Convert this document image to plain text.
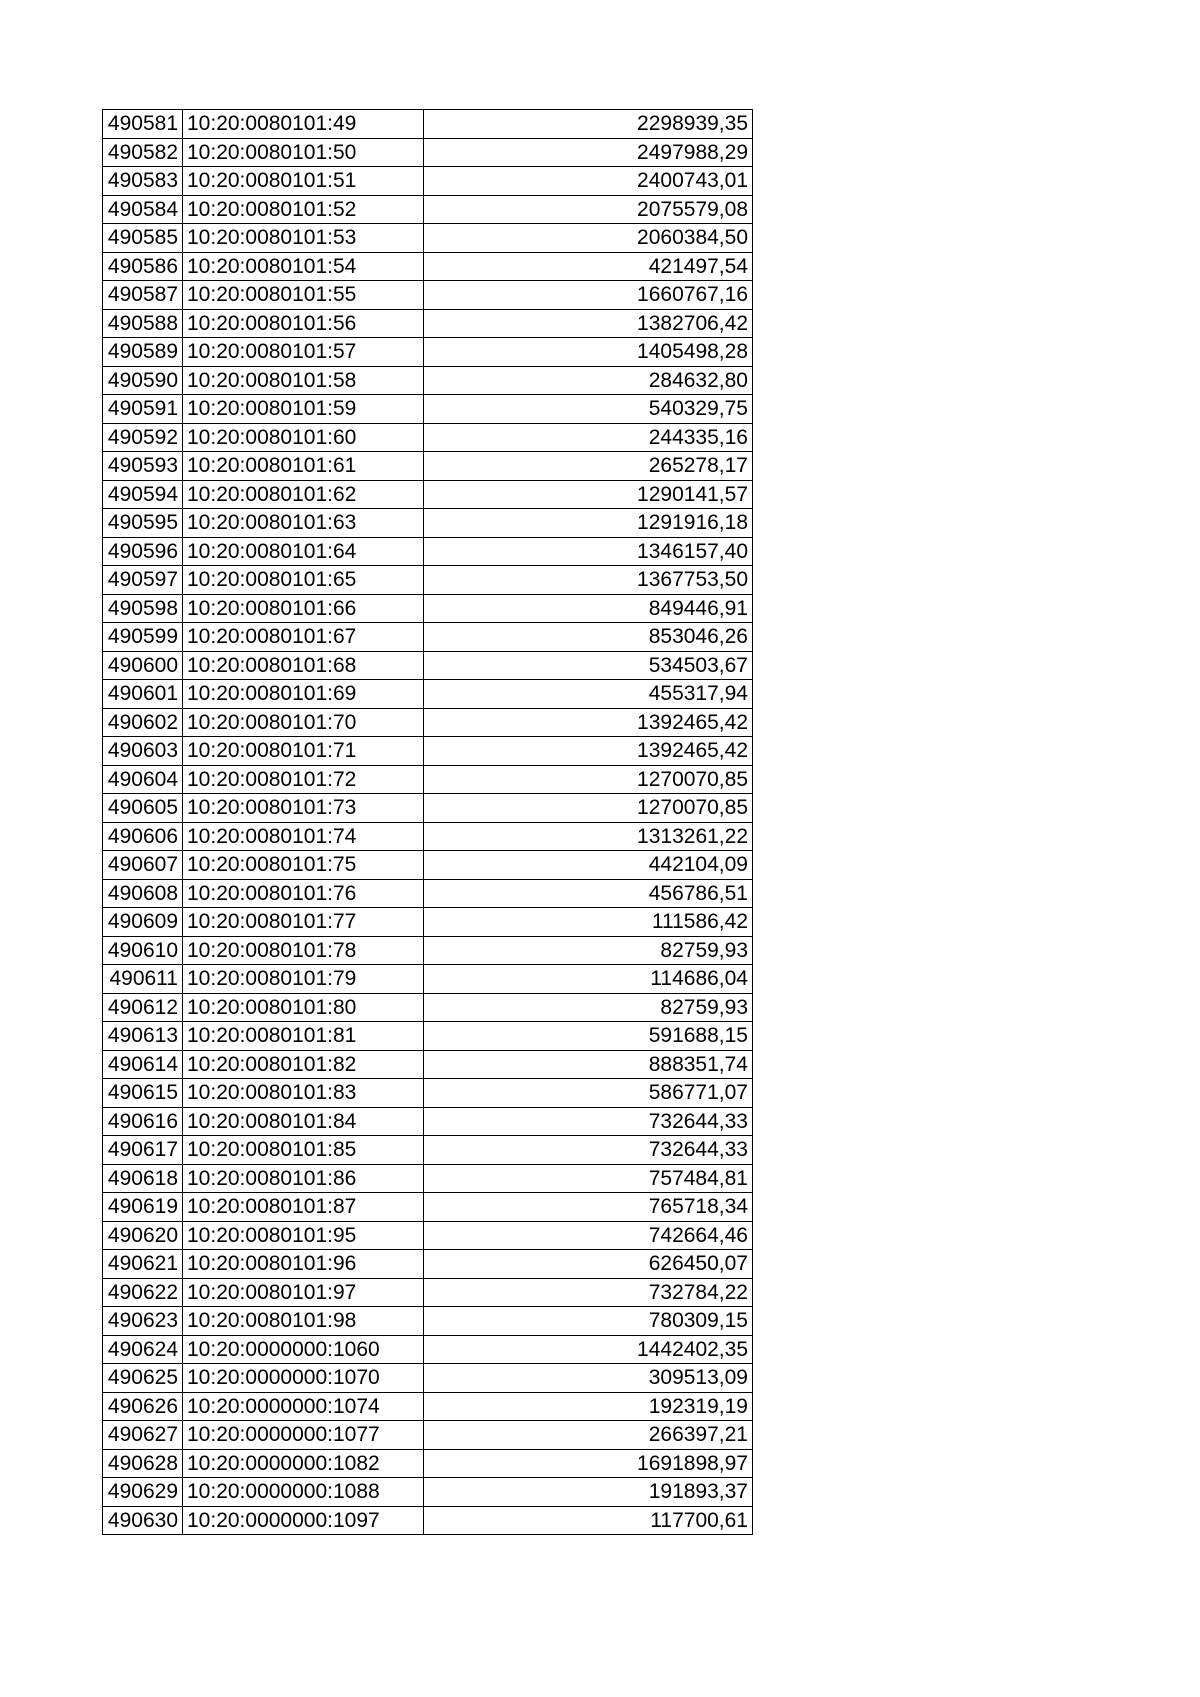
490581	10:20:0080101:49	2298939,35
490582	10:20:0080101:50	2497988,29
490583	10:20:0080101:51	2400743,01
490584	10:20:0080101:52	2075579,08
490585	10:20:0080101:53	2060384,50
490586	10:20:0080101:54	421497,54
490587	10:20:0080101:55	1660767,16
490588	10:20:0080101:56	1382706,42
490589	10:20:0080101:57	1405498,28
490590	10:20:0080101:58	284632,80
490591	10:20:0080101:59	540329,75
490592	10:20:0080101:60	244335,16
490593	10:20:0080101:61	265278,17
490594	10:20:0080101:62	1290141,57
490595	10:20:0080101:63	1291916,18
490596	10:20:0080101:64	1346157,40
490597	10:20:0080101:65	1367753,50
490598	10:20:0080101:66	849446,91
490599	10:20:0080101:67	853046,26
490600	10:20:0080101:68	534503,67
490601	10:20:0080101:69	455317,94
490602	10:20:0080101:70	1392465,42
490603	10:20:0080101:71	1392465,42
490604	10:20:0080101:72	1270070,85
490605	10:20:0080101:73	1270070,85
490606	10:20:0080101:74	1313261,22
490607	10:20:0080101:75	442104,09
490608	10:20:0080101:76	456786,51
490609	10:20:0080101:77	111586,42
490610	10:20:0080101:78	82759,93
490611	10:20:0080101:79	114686,04
490612	10:20:0080101:80	82759,93
490613	10:20:0080101:81	591688,15
490614	10:20:0080101:82	888351,74
490615	10:20:0080101:83	586771,07
490616	10:20:0080101:84	732644,33
490617	10:20:0080101:85	732644,33
490618	10:20:0080101:86	757484,81
490619	10:20:0080101:87	765718,34
490620	10:20:0080101:95	742664,46
490621	10:20:0080101:96	626450,07
490622	10:20:0080101:97	732784,22
490623	10:20:0080101:98	780309,15
490624	10:20:0000000:1060	1442402,35
490625	10:20:0000000:1070	309513,09
490626	10:20:0000000:1074	192319,19
490627	10:20:0000000:1077	266397,21
490628	10:20:0000000:1082	1691898,97
490629	10:20:0000000:1088	191893,37
490630	10:20:0000000:1097	117700,61
